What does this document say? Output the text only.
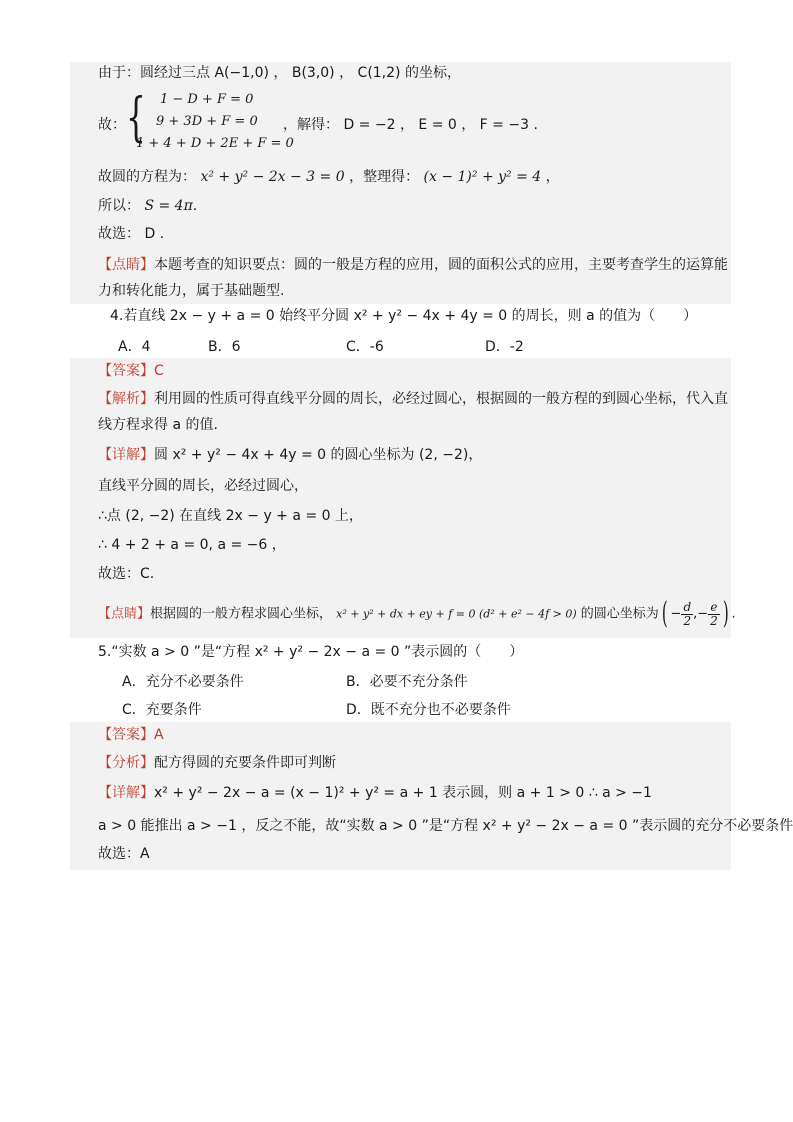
由于：圆经过三点 A(−1,0) ， B(3,0) ， C(1,2) 的坐标，
故： { 1 − D + F = 0
9 + 3D + F = 0
1 + 4 + D + 2E + F = 0
，解得： D = −2 ， E = 0 ， F = −3 .
故圆的方程为： x² + y² − 2x − 3 = 0 ，整理得： (x − 1)² + y² = 4 ，
所以： S = 4π.
故选： D .
【点睛】本题考查的知识要点：圆的一般是方程的应用，圆的面积公式的应用，主要考查学生的运算能力和转化能力，属于基础题型.
4.若直线 2x − y + a = 0 始终平分圆 x² + y² − 4x + 4y = 0 的周长，则 a 的值为（　　）
A．4	B．6	C．-6	D．-2
【答案】C
【解析】利用圆的性质可得直线平分圆的周长，必经过圆心，根据圆的一般方程的到圆心坐标，代入直线方程求得 a 的值.
【详解】圆 x² + y² − 4x + 4y = 0 的圆心坐标为 (2, −2)，
直线平分圆的周长，必经过圆心，
∴点 (2, −2) 在直线 2x − y + a = 0 上，
∴ 4 + 2 + a = 0, a = −6 ，
故选：C.
【点睛】根据圆的一般方程求圆心坐标， x² + y² + dx + ey + f = 0 (d² + e² − 4f > 0) 的圆心坐标为( − $\frac{d}{2}$ ,− $\frac{e}{2}$ ) .
5.“实数 a > 0 ”是“方程 x² + y² − 2x − a = 0 ”表示圆的（　　）
A．充分不必要条件	B．必要不充分条件
C．充要条件	D．既不充分也不必要条件
【答案】A
【分析】配方得圆的充要条件即可判断
【详解】x² + y² − 2x − a = (x − 1)² + y² = a + 1 表示圆，则 a + 1 > 0 ∴ a > −1
a > 0 能推出 a > −1 ，反之不能，故“实数 a > 0 ”是“方程 x² + y² − 2x − a = 0 ”表示圆的充分不必要条件
故选：A
